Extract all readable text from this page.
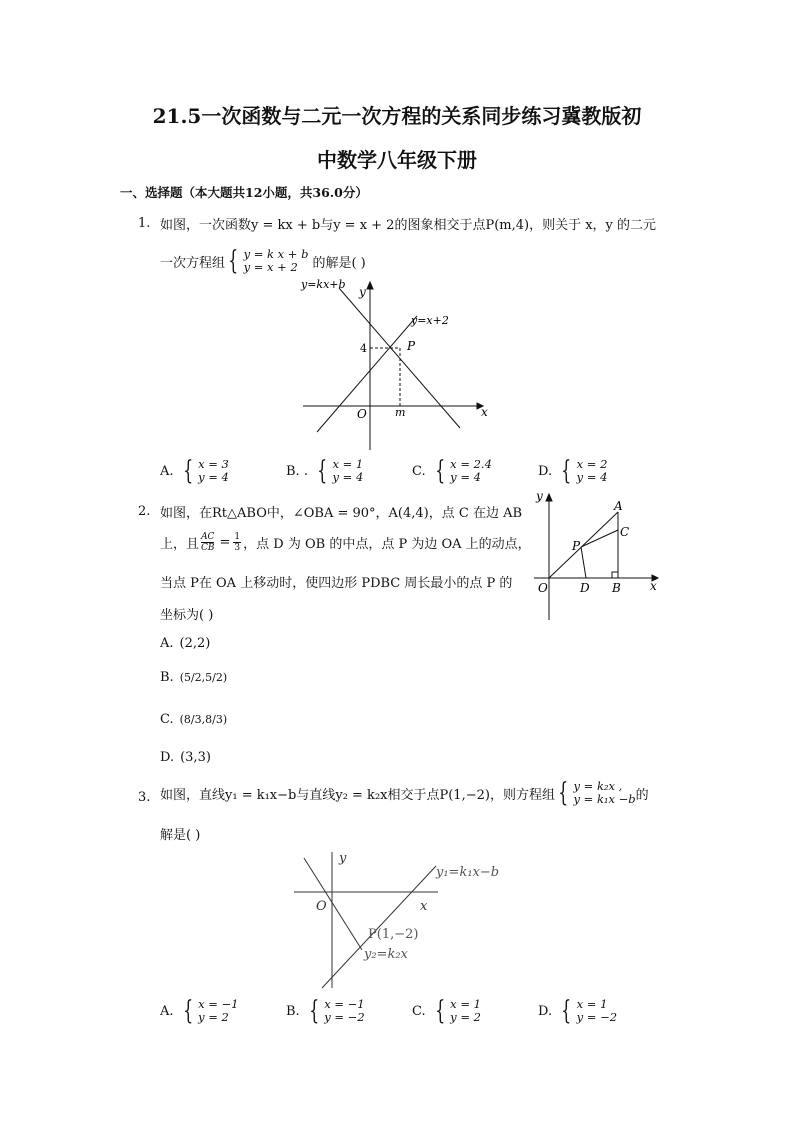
21.5一次函数与二元一次方程的关系同步练习冀教版初
中数学八年级下册
一、选择题（本大题共12小题，共36.0分）
1. 如图，一次函数y = kx + b与y = x + 2的图象相交于点P(m,4)，则关于 x，y 的二元
一次方程组 { y = k x + b
y = x + 2	的解是( )
y=kx+b
y=x+2
y
x
O
4	P
m
A. { x = 3
y = 4	B. . { x = 1
y = 4	C. { x = 2.4
y = 4	D. { x = 2
y = 4
2. 如图，在Rt△ABO中，∠OBA = 90°，A(4,4)，点 C 在边 AB
上，且 $\frac{AC}{CB} = \frac{1}{3}$ ，点 D 为 OB 的中点，点 P 为边 OA 上的动点，
当点 P在 OA 上移动时，使四边形 PDBC 周长最小的点 P 的
坐标为( )
y
x
O
A
C
P
D B
A. (2,2)
B. (5/2,5/2)
C. (8/3,8/3)
D. (3,3)
3. 如图，直线y₁ = k₁x−b与直线y₂ = k₂x相交于点P(1,−2)，则方程组 { y = k₂x ,
y = k₁x −b 的
解是( )
y
x
O
y₁=k₁x−b
P(1,−2)
y₂=k₂x
A. { x = −1
y = 2	B. { x = −1
y = −2	C. { x = 1
y = 2	D. { x = 1
y = −2
